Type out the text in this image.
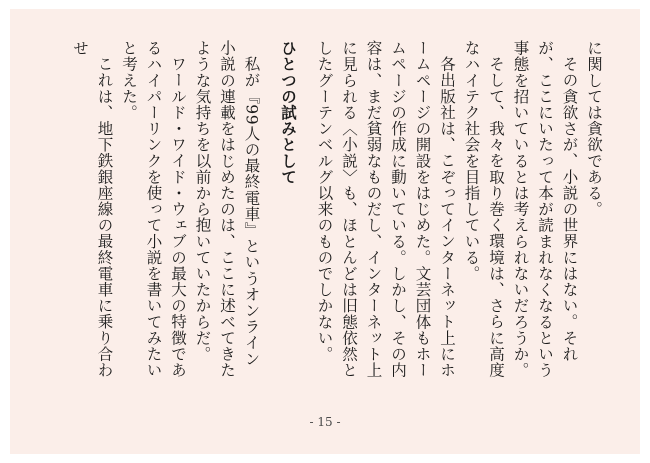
に関しては貪欲である。

その貪欲さが、小説の世界にはない。それが、ここにいたって本が読まれなくなるという事態を招いているとは考えられないだろうか。

そして、我々を取り巻く環境は、さらに高度なハイテク社会を目指している。

各出版社は、こぞってインターネット上にホームページの開設をはじめた。文芸団体もホームページの作成に動いている。しかし、その内容は、まだ貧弱なものだし、インターネット上に見られる〈小説〉も、ほとんどは旧態依然としたグーテンベルグ以来のものでしかない。

ひとつの試みとして

私が『99人の最終電車』というオンライン小説の連載をはじめたのは、ここに述べてきたような気持ちを以前から抱いていたからだ。

ワールド・ワイド・ウェブの最大の特徴であるハイパーリンクを使って小説を書いてみたいと考えた。

これは、地下鉄銀座線の最終電車に乗り合わせ

- 15 -
